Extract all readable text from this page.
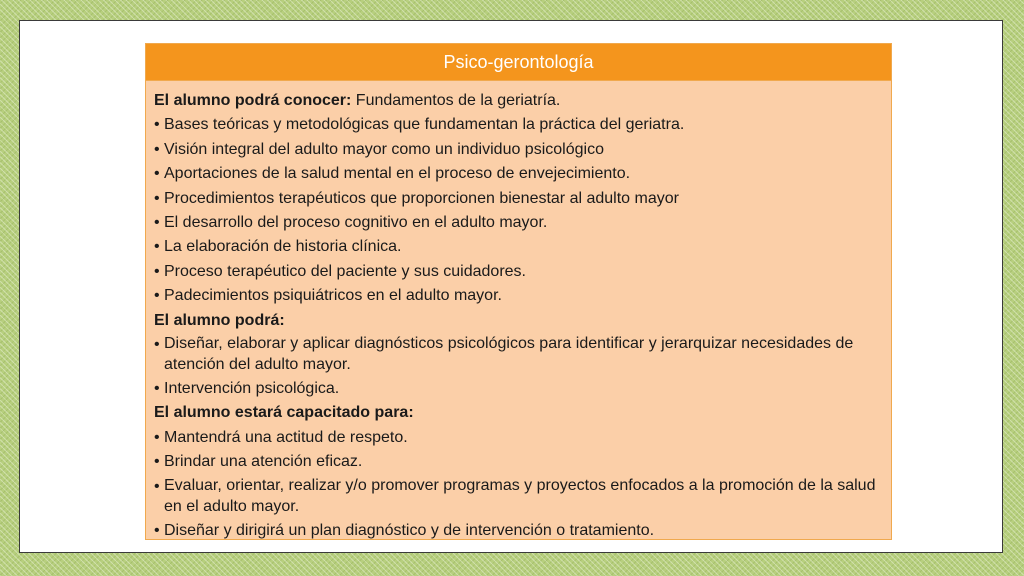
Psico-gerontología
El alumno podrá conocer: Fundamentos de la geriatría.
• Bases teóricas y metodológicas que fundamentan la práctica del geriatra.
• Visión integral del adulto mayor como un individuo psicológico
• Aportaciones de la salud mental en el proceso de envejecimiento.
• Procedimientos terapéuticos que proporcionen bienestar al adulto mayor
• El desarrollo del proceso cognitivo en el adulto mayor.
• La elaboración de historia clínica.
• Proceso terapéutico del paciente y sus cuidadores.
• Padecimientos psiquiátricos en el adulto mayor.
El alumno podrá:
• Diseñar, elaborar y aplicar diagnósticos psicológicos para identificar y jerarquizar necesidades de atención del adulto mayor.
• Intervención psicológica.
El alumno estará capacitado para:
• Mantendrá una actitud de respeto.
• Brindar una atención eficaz.
• Evaluar, orientar, realizar y/o promover programas y proyectos enfocados a la promoción de la salud en el adulto mayor.
• Diseñar y dirigirá un plan diagnóstico y de intervención o tratamiento.
